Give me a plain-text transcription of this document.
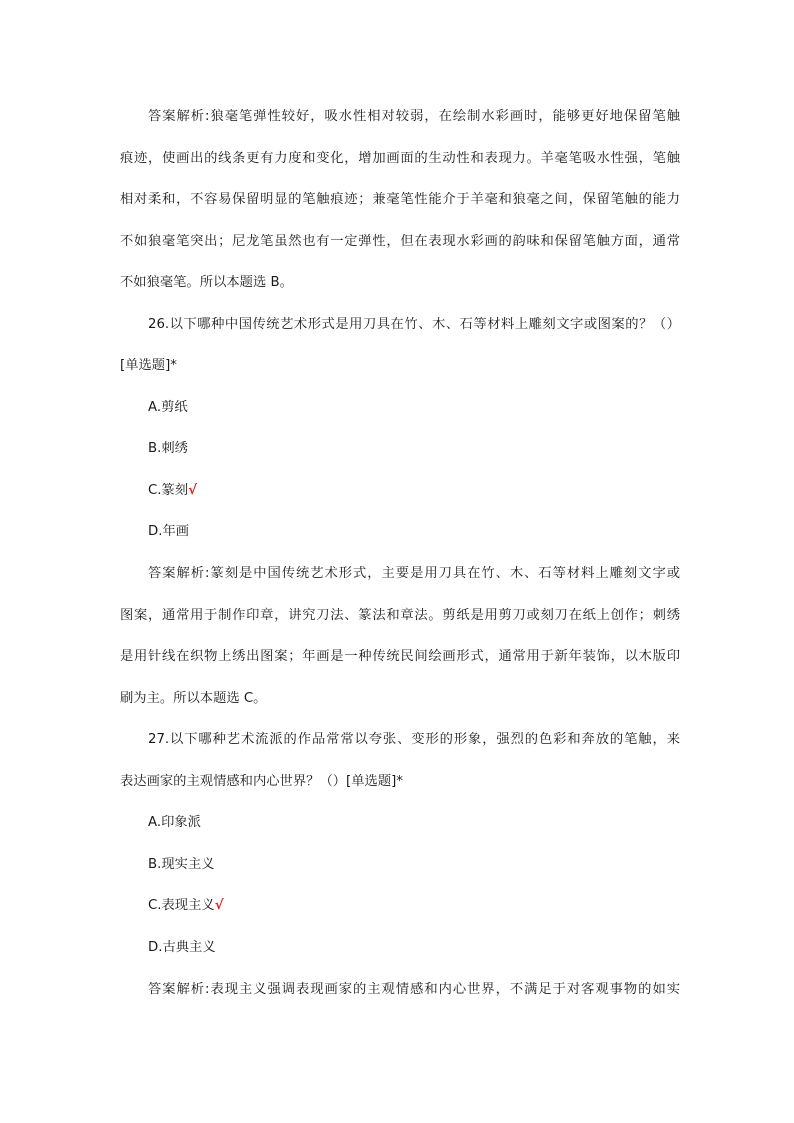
答案解析:狼毫笔弹性较好，吸水性相对较弱，在绘制水彩画时，能够更好地保留笔触
痕迹，使画出的线条更有力度和变化，增加画面的生动性和表现力。羊毫笔吸水性强，笔触
相对柔和，不容易保留明显的笔触痕迹；兼毫笔性能介于羊毫和狼毫之间，保留笔触的能力
不如狼毫笔突出；尼龙笔虽然也有一定弹性，但在表现水彩画的韵味和保留笔触方面，通常
不如狼毫笔。所以本题选 B。
26.以下哪种中国传统艺术形式是用刀具在竹、木、石等材料上雕刻文字或图案的？（）
[单选题]*
A.剪纸
B.刺绣
C.篆刻√
D.年画
答案解析:篆刻是中国传统艺术形式，主要是用刀具在竹、木、石等材料上雕刻文字或
图案，通常用于制作印章，讲究刀法、篆法和章法。剪纸是用剪刀或刻刀在纸上创作；刺绣
是用针线在织物上绣出图案；年画是一种传统民间绘画形式，通常用于新年装饰，以木版印
刷为主。所以本题选 C。
27.以下哪种艺术流派的作品常常以夸张、变形的形象，强烈的色彩和奔放的笔触，来
表达画家的主观情感和内心世界？（）[单选题]*
A.印象派
B.现实主义
C.表现主义√
D.古典主义
答案解析:表现主义强调表现画家的主观情感和内心世界，不满足于对客观事物的如实
